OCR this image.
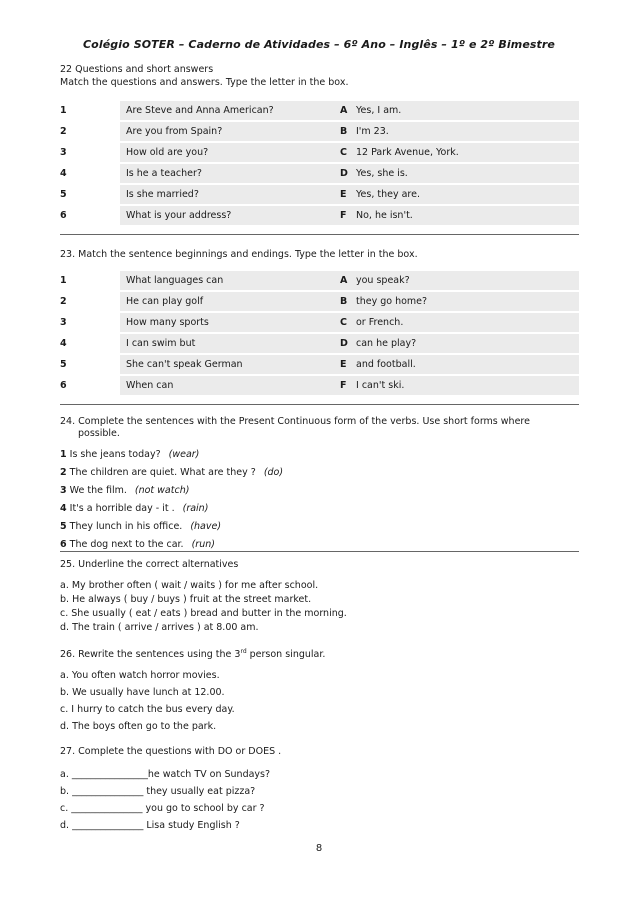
Colégio SOTER – Caderno de Atividades – 6º Ano – Inglês – 1º e 2º Bimestre
22 Questions and short answers
Match the questions and answers. Type the letter in the box.
1	Are Steve and Anna American?	A Yes, I am.
2	Are you from Spain?	B I'm 23.
3	How old are you?	C 12 Park Avenue, York.
4	Is he a teacher?	D Yes, she is.
5	Is she married?	E Yes, they are.
6	What is your address?	F No, he isn't.
23. Match the sentence beginnings and endings. Type the letter in the box.
1	What languages can	A you speak?
2	He can play golf	B they go home?
3	How many sports	C or French.
4	I can swim but	D can he play?
5	She can't speak German	E and football.
6	When can	F I can't ski.
24. Complete the sentences with the Present Continuous form of the verbs. Use short forms where
possible.
1 Is she jeans today? (wear)
2 The children are quiet. What are they ? (do)
3 We the film. (not watch)
4 It's a horrible day - it . (rain)
5 They lunch in his office. (have)
6 The dog next to the car. (run)
25. Underline the correct alternatives
a. My brother often ( wait / waits ) for me after school.
b. He always ( buy / buys ) fruit at the street market.
c. She usually ( eat / eats ) bread and butter in the morning.
d. The train ( arrive / arrives ) at 8.00 am.
26. Rewrite the sentences using the 3rd person singular.
a. You often watch horror movies.
b. We usually have lunch at 12.00.
c. I hurry to catch the bus every day.
d. The boys often go to the park.
27. Complete the questions with DO or DOES .
a. ________________he watch TV on Sundays?
b. _______________ they usually eat pizza?
c. _______________ you go to school by car ?
d. _______________ Lisa study English ?
8
